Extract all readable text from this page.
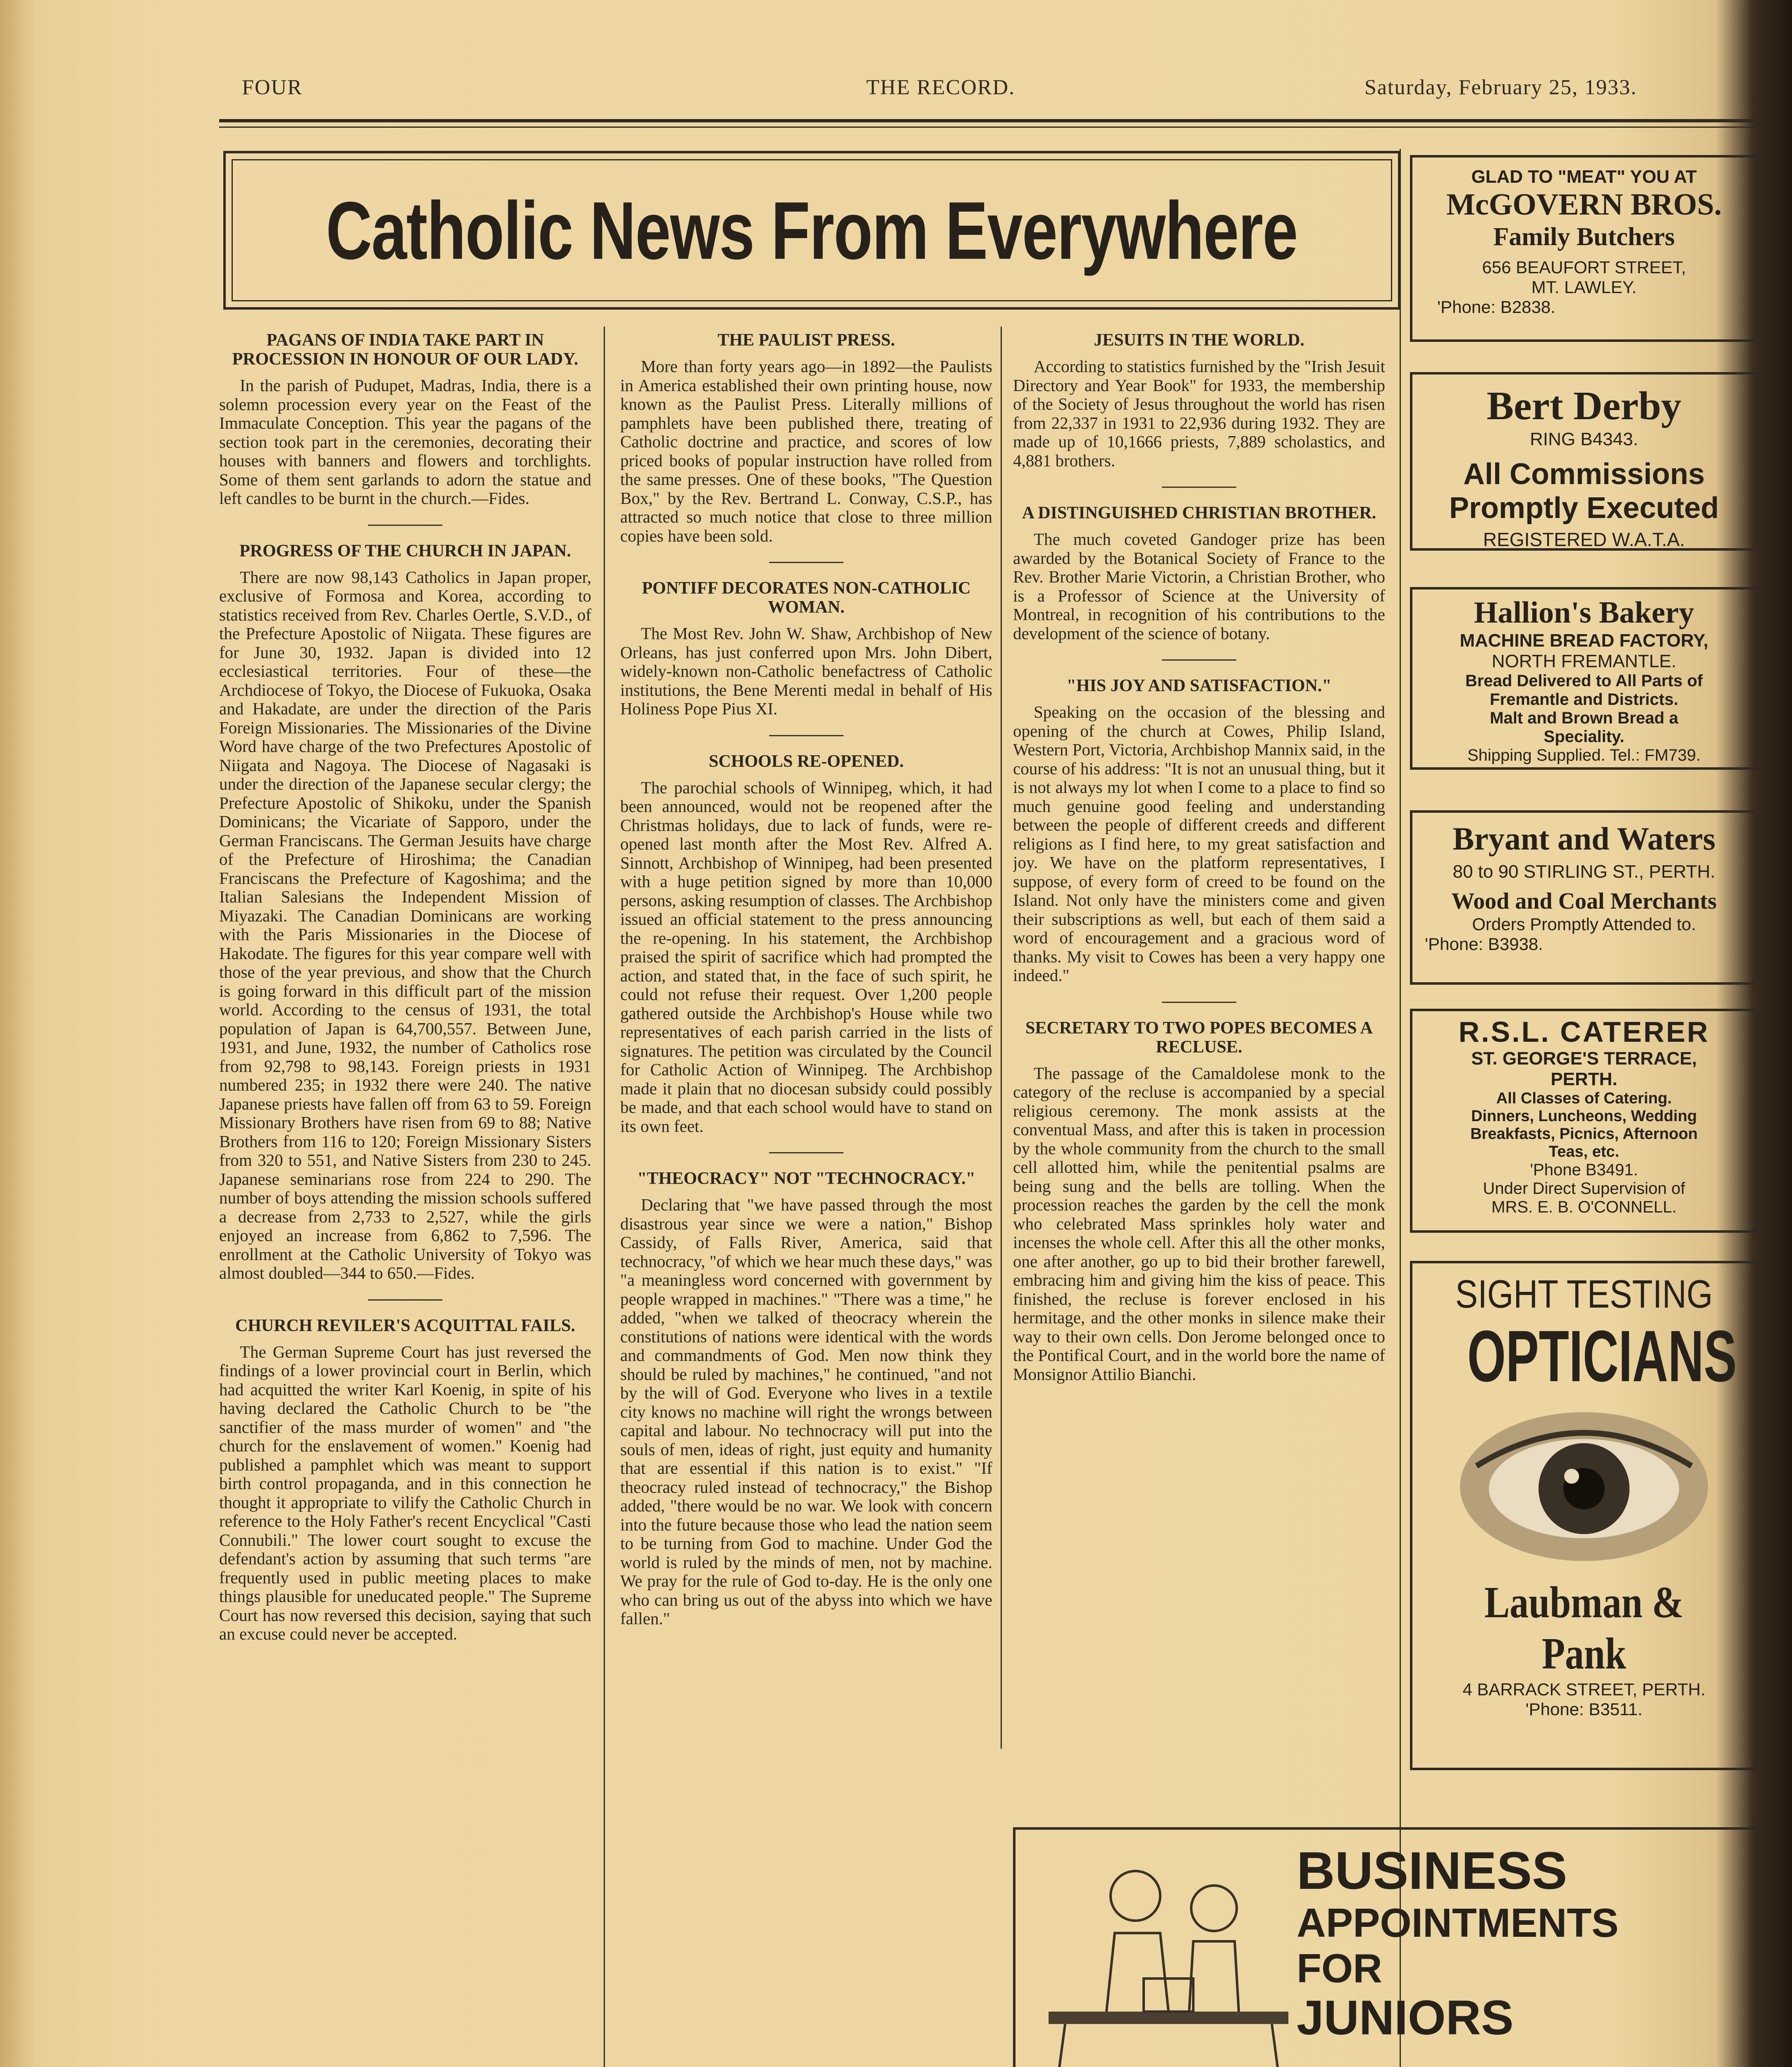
FOUR	THE RECORD.	Saturday, February 25, 1933.
Catholic News From Everywhere
PAGANS OF INDIA TAKE PART IN PROCESSION IN HONOUR OF OUR LADY.

In the parish of Pudupet, Madras, India, there is a solemn procession every year on the Feast of the Immaculate Conception. This year the pagans of the section took part in the ceremonies, decorating their houses with banners and flowers and torchlights. Some of them sent garlands to adorn the statue and left candles to be burnt in the church.—Fides.

PROGRESS OF THE CHURCH IN JAPAN.

There are now 98,143 Catholics in Japan proper, exclusive of Formosa and Korea, according to statistics received from Rev. Charles Oertle, S.V.D., of the Prefecture Apostolic of Niigata. These figures are for June 30, 1932. Japan is divided into 12 ecclesiastical territories. Four of these—the Archdiocese of Tokyo, the Diocese of Fukuoka, Osaka and Hakadate, are under the direction of the Paris Foreign Missionaries. The Missionaries of the Divine Word have charge of the two Prefectures Apostolic of Niigata and Nagoya. The Diocese of Nagasaki is under the direction of the Japanese secular clergy; the Prefecture Apostolic of Shikoku, under the Spanish Dominicans; the Vicariate of Sapporo, under the German Franciscans. The German Jesuits have charge of the Prefecture of Hiroshima; the Canadian Franciscans the Prefecture of Kagoshima; and the Italian Salesians the Independent Mission of Miyazaki. The Canadian Dominicans are working with the Paris Missionaries in the Diocese of Hakodate. The figures for this year compare well with those of the year previous, and show that the Church is going forward in this difficult part of the mission world. According to the census of 1931, the total population of Japan is 64,700,557. Between June, 1931, and June, 1932, the number of Catholics rose from 92,798 to 98,143. Foreign priests in 1931 numbered 235; in 1932 there were 240. The native Japanese priests have fallen off from 63 to 59. Foreign Missionary Brothers have risen from 69 to 88; Native Brothers from 116 to 120; Foreign Missionary Sisters from 320 to 551, and Native Sisters from 230 to 245. Japanese seminarians rose from 224 to 290. The number of boys attending the mission schools suffered a decrease from 2,733 to 2,527, while the girls enjoyed an increase from 6,862 to 7,596. The enrollment at the Catholic University of Tokyo was almost doubled—344 to 650.—Fides.

CHURCH REVILER'S ACQUITTAL FAILS.

The German Supreme Court has just reversed the findings of a lower provincial court in Berlin, which had acquitted the writer Karl Koenig, in spite of his having declared the Catholic Church to be "the sanctifier of the mass murder of women" and "the church for the enslavement of women." Koenig had published a pamphlet which was meant to support birth control propaganda, and in this connection he thought it appropriate to vilify the Catholic Church in reference to the Holy Father's recent Encyclical "Casti Connubili." The lower court sought to excuse the defendant's action by assuming that such terms "are frequently used in public meeting places to make things plausible for uneducated people." The Supreme Court has now reversed this decision, saying that such an excuse could never be accepted.

THE PAULIST PRESS.

More than forty years ago—in 1892—the Paulists in America established their own printing house, now known as the Paulist Press. Literally millions of pamphlets have been published there, treating of Catholic doctrine and practice, and scores of low priced books of popular instruction have rolled from the same presses. One of these books, "The Question Box," by the Rev. Bertrand L. Conway, C.S.P., has attracted so much notice that close to three million copies have been sold.

PONTIFF DECORATES NON-CATHOLIC WOMAN.

The Most Rev. John W. Shaw, Archbishop of New Orleans, has just conferred upon Mrs. John Dibert, widely-known non-Catholic benefactress of Catholic institutions, the Bene Merenti medal in behalf of His Holiness Pope Pius XI.

SCHOOLS RE-OPENED.

The parochial schools of Winnipeg, which, it had been announced, would not be reopened after the Christmas holidays, due to lack of funds, were re-opened last month after the Most Rev. Alfred A. Sinnott, Archbishop of Winnipeg, had been presented with a huge petition signed by more than 10,000 persons, asking resumption of classes. The Archbishop issued an official statement to the press announcing the re-opening. In his statement, the Archbishop praised the spirit of sacrifice which had prompted the action, and stated that, in the face of such spirit, he could not refuse their request. Over 1,200 people gathered outside the Archbishop's House while two representatives of each parish carried in the lists of signatures. The petition was circulated by the Council for Catholic Action of Winnipeg. The Archbishop made it plain that no diocesan subsidy could possibly be made, and that each school would have to stand on its own feet.

"THEOCRACY" NOT "TECHNOCRACY."

Declaring that "we have passed through the most disastrous year since we were a nation," Bishop Cassidy, of Falls River, America, said that technocracy, "of which we hear much these days," was "a meaningless word concerned with government by people wrapped in machines." "There was a time," he added, "when we talked of theocracy wherein the constitutions of nations were identical with the words and commandments of God. Men now think they should be ruled by machines," he continued, "and not by the will of God. Everyone who lives in a textile city knows no machine will right the wrongs between capital and labour. No technocracy will put into the souls of men, ideas of right, just equity and humanity that are essential if this nation is to exist." "If theocracy ruled instead of technocracy," the Bishop added, "there would be no war. We look with concern into the future because those who lead the nation seem to be turning from God to machine. Under God the world is ruled by the minds of men, not by machine. We pray for the rule of God to-day. He is the only one who can bring us out of the abyss into which we have fallen."

JESUITS IN THE WORLD.

According to statistics furnished by the "Irish Jesuit Directory and Year Book" for 1933, the membership of the Society of Jesus throughout the world has risen from 22,337 in 1931 to 22,936 during 1932. They are made up of 10,1666 priests, 7,889 scholastics, and 4,881 brothers.

A DISTINGUISHED CHRISTIAN BROTHER.

The much coveted Gandoger prize has been awarded by the Botanical Society of France to the Rev. Brother Marie Victorin, a Christian Brother, who is a Professor of Science at the University of Montreal, in recognition of his contributions to the development of the science of botany.

"HIS JOY AND SATISFACTION."

Speaking on the occasion of the blessing and opening of the church at Cowes, Philip Island, Western Port, Victoria, Archbishop Mannix said, in the course of his address: "It is not an unusual thing, but it is not always my lot when I come to a place to find so much genuine good feeling and understanding between the people of different creeds and different religions as I find here, to my great satisfaction and joy. We have on the platform representatives, I suppose, of every form of creed to be found on the Island. Not only have the ministers come and given their subscriptions as well, but each of them said a word of encouragement and a gracious word of thanks. My visit to Cowes has been a very happy one indeed."

SECRETARY TO TWO POPES BECOMES A RECLUSE.

The passage of the Camaldolese monk to the category of the recluse is accompanied by a special religious ceremony. The monk assists at the conventual Mass, and after this is taken in procession by the whole community from the church to the small cell allotted him, while the penitential psalms are being sung and the bells are tolling. When the procession reaches the garden by the cell the monk who celebrated Mass sprinkles holy water and incenses the whole cell. After this all the other monks, one after another, go up to bid their brother farewell, embracing him and giving him the kiss of peace. This finished, the recluse is forever enclosed in his hermitage, and the other monks in silence make their way to their own cells. Don Jerome belonged once to the Pontifical Court, and in the world bore the name of Monsignor Attilio Bianchi.

GLAD TO "MEAT" YOU AT
McGOVERN BROS.
Family Butchers
656 BEAUFORT STREET,
MT. LAWLEY.
'Phone: B2838.
Bert Derby
RING B4343.
All Commissions
Promptly Executed
REGISTERED W.A.T.A.
Hallion's Bakery
MACHINE BREAD FACTORY,
NORTH FREMANTLE.
Bread Delivered to All Parts of
Fremantle and Districts.
Malt and Brown Bread a
Speciality.
Shipping Supplied. Tel.: FM739.
Bryant and Waters
80 to 90 STIRLING ST., PERTH.
Wood and Coal Merchants
Orders Promptly Attended to.
'Phone: B3938.
R.S.L. CATERER
ST. GEORGE'S TERRACE,
PERTH.
All Classes of Catering.
Dinners, Luncheons, Wedding
Breakfasts, Picnics, Afternoon
Teas, etc.
'Phone B3491.
Under Direct Supervision of
MRS. E. B. O'CONNELL.
SIGHT TESTING
OPTICIANS
Laubman & Pank
4 BARRACK STREET, PERTH.
'Phone: B3511.
BUSINESS
APPOINTMENTS
FOR
JUNIORS
